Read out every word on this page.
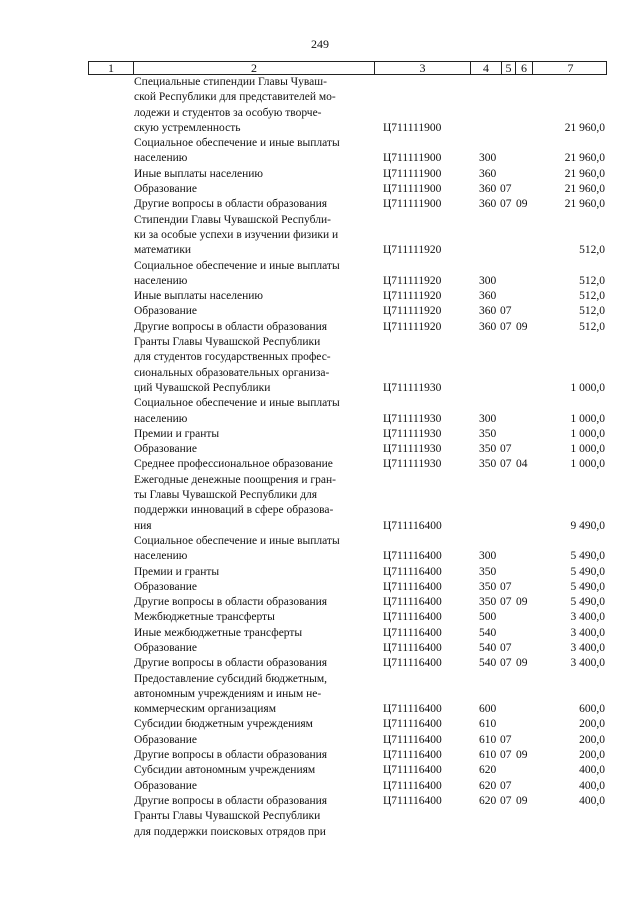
249
1	2	3	4	5 6	7
Специальные стипендии Главы Чуваш-
ской Республики для представителей мо-
лодежи и студентов за особую творче-
скую устремленность	Ц711111900	21 960,0
Социальное обеспечение и иные выплаты
населению	Ц711111900	300	21 960,0
Иные выплаты населению	Ц711111900	360	21 960,0
Образование	Ц711111900	360 07	21 960,0
Другие вопросы в области образования	Ц711111900	360 07 09	21 960,0
Стипендии Главы Чувашской Республи-
ки за особые успехи в изучении физики и
математики	Ц711111920	512,0
Социальное обеспечение и иные выплаты
населению	Ц711111920	300	512,0
Иные выплаты населению	Ц711111920	360	512,0
Образование	Ц711111920	360 07	512,0
Другие вопросы в области образования	Ц711111920	360 07 09	512,0
Гранты Главы Чувашской Республики
для студентов государственных профес-
сиональных образовательных организа-
ций Чувашской Республики	Ц711111930	1 000,0
Социальное обеспечение и иные выплаты
населению	Ц711111930	300	1 000,0
Премии и гранты	Ц711111930	350	1 000,0
Образование	Ц711111930	350 07	1 000,0
Среднее профессиональное образование	Ц711111930	350 07 04	1 000,0
Ежегодные денежные поощрения и гран-
ты Главы Чувашской Республики для
поддержки инноваций в сфере образова-
ния	Ц711116400	9 490,0
Социальное обеспечение и иные выплаты
населению	Ц711116400	300	5 490,0
Премии и гранты	Ц711116400	350	5 490,0
Образование	Ц711116400	350 07	5 490,0
Другие вопросы в области образования	Ц711116400	350 07 09	5 490,0
Межбюджетные трансферты	Ц711116400	500	3 400,0
Иные межбюджетные трансферты	Ц711116400	540	3 400,0
Образование	Ц711116400	540 07	3 400,0
Другие вопросы в области образования	Ц711116400	540 07 09	3 400,0
Предоставление субсидий бюджетным,
автономным учреждениям и иным не-
коммерческим организациям	Ц711116400	600	600,0
Субсидии бюджетным учреждениям	Ц711116400	610	200,0
Образование	Ц711116400	610 07	200,0
Другие вопросы в области образования	Ц711116400	610 07 09	200,0
Субсидии автономным учреждениям	Ц711116400	620	400,0
Образование	Ц711116400	620 07	400,0
Другие вопросы в области образования	Ц711116400	620 07 09	400,0
Гранты Главы Чувашской Республики
для поддержки поисковых отрядов при
